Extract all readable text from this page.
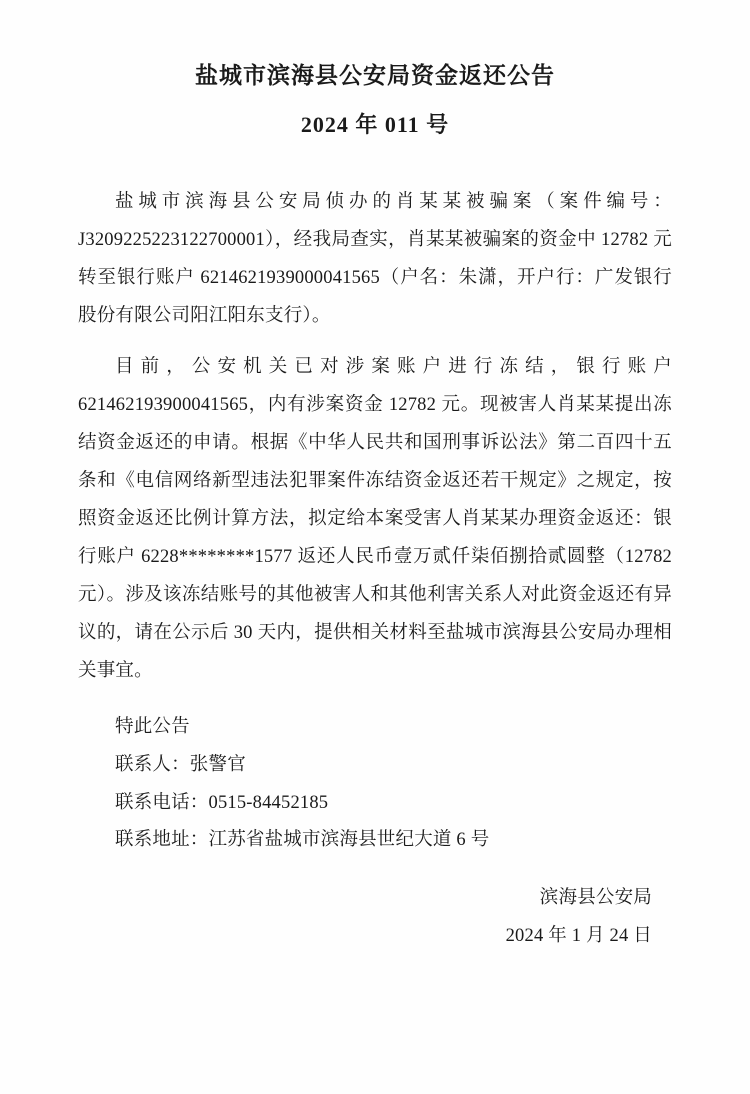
盐城市滨海县公安局资金返还公告
2024 年 011 号

盐城市滨海县公安局侦办的肖某某被骗案（案件编号：J3209225223122700001），经我局查实，肖某某被骗案的资金中 12782 元转至银行账户 6214621939000041565（户名：朱潇，开户行：广发银行股份有限公司阳江阳东支行）。

目前，公安机关已对涉案账户进行冻结，银行账户 621462193900041565，内有涉案资金 12782 元。现被害人肖某某提出冻结资金返还的申请。根据《中华人民共和国刑事诉讼法》第二百四十五条和《电信网络新型违法犯罪案件冻结资金返还若干规定》之规定，按照资金返还比例计算方法，拟定给本案受害人肖某某办理资金返还：银行账户 6228********1577 返还人民币壹万贰仟柒佰捌拾贰圆整（12782 元）。涉及该冻结账号的其他被害人和其他利害关系人对此资金返还有异议的，请在公示后 30 天内，提供相关材料至盐城市滨海县公安局办理相关事宜。

特此公告

联系人：张警官

联系电话：0515-84452185

联系地址：江苏省盐城市滨海县世纪大道 6 号

滨海县公安局
2024 年 1 月 24 日
